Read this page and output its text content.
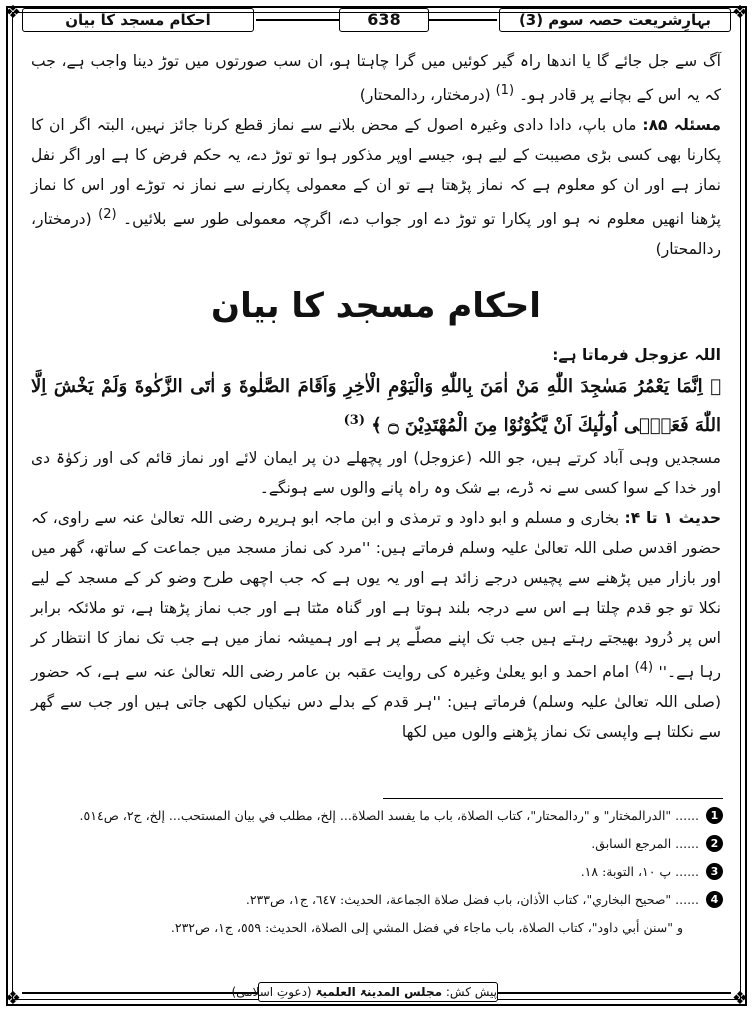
❖	❖
❖	❖
بہارِشریعت حصہ سوم (3)
638
احکام مسجد کا بیان

آگ سے جل جائے گا یا اندھا راہ گیر کوئیں میں گرا چاہتا ہو، ان سب صورتوں میں توڑ دینا واجب ہے، جب کہ یہ اس کے بچانے پر قادر ہو۔ $^{(1)}$ (درمختار، ردالمحتار)

مسئلہ ۸۵: ماں باپ، دادا دادی وغیرہ اصول کے محض بلانے سے نماز قطع کرنا جائز نہیں، البتہ اگر ان کا پکارنا بھی کسی بڑی مصیبت کے لیے ہو، جیسے اوپر مذکور ہوا تو توڑ دے، یہ حکم فرض کا ہے اور اگر نفل نماز ہے اور ان کو معلوم ہے کہ نماز پڑھتا ہے تو ان کے معمولی پکارنے سے نماز نہ توڑے اور اس کا نماز پڑھنا انھیں معلوم نہ ہو اور پکارا تو توڑ دے اور جواب دے، اگرچہ معمولی طور سے بلائیں۔ $^{(2)}$ (درمختار، ردالمحتار)

احکام مسجد کا بیان

اللہ عزوجل فرماتا ہے:

﴿ اِنَّمَا یَعْمُرُ مَسٰجِدَ اللّٰهِ مَنْ اٰمَنَ بِاللّٰهِ وَالْیَوْمِ الْاٰخِرِ وَاَقَامَ الصَّلٰوةَ وَ اٰتَى الزَّكٰوةَ وَلَمْ یَخْشَ اِلَّا اللّٰهَ فَعَسٰۤى اُولٰٓىٕكَ اَنْ یَّكُوْنُوْا مِنَ الْمُهْتَدِیْنَ ۝ ﴾ $^{(3)}$

مسجدیں وہی آباد کرتے ہیں، جو اللہ (عزوجل) اور پچھلے دن پر ایمان لائے اور نماز قائم کی اور زکوٰۃ دی اور خدا کے سوا کسی سے نہ ڈرے، بے شک وہ راہ پانے والوں سے ہونگے۔

حدیث ۱ تا ۴: بخاری و مسلم و ابو داود و ترمذی و ابن ماجہ ابو ہریرہ رضی اللہ تعالیٰ عنہ سے راوی، کہ حضور اقدس صلی اللہ تعالیٰ علیہ وسلم فرماتے ہیں: ''مرد کی نماز مسجد میں جماعت کے ساتھ، گھر میں اور بازار میں پڑھنے سے پچیس درجے زائد ہے اور یہ یوں ہے کہ جب اچھی طرح وضو کر کے مسجد کے لیے نکلا تو جو قدم چلتا ہے اس سے درجہ بلند ہوتا ہے اور گناہ مٹتا ہے اور جب نماز پڑھتا ہے، تو ملائکہ برابر اس پر دُرود بھیجتے رہتے ہیں جب تک اپنے مصلّے پر ہے اور ہمیشہ نماز میں ہے جب تک نماز کا انتظار کر رہا ہے۔'' $^{(4)}$ امام احمد و ابو یعلیٰ وغیرہ کی روایت عقبہ بن عامر رضی اللہ تعالیٰ عنہ سے ہے، کہ حضور (صلی اللہ تعالیٰ علیہ وسلم) فرماتے ہیں: ''ہر قدم کے بدلے دس نیکیاں لکھی جاتی ہیں اور جب سے گھر سے نکلتا ہے واپسی تک نماز پڑھنے والوں میں لکھا

1
...... "الدرالمختار" و "ردالمحتار"، كتاب الصلاة، باب ما يفسد الصلاة... إلخ، مطلب في بيان المستحب... إلخ، ج٢، ص٥١٤.

2
...... المرجع السابق.

3
...... پ ١٠، التوبة: ١٨.

4
...... "صحيح البخاري"، كتاب الأذان، باب فضل صلاة الجماعة، الحديث: ٦٤٧، ج١، ص٢٣٣.

و "سنن أبي داود"، كتاب الصلاة، باب ماجاء في فضل المشي إلى الصلاة، الحديث: ٥٥٩، ج١، ص٢٣٢.

پیش کش: مجلس المدینۃ العلمیۃ (دعوتِ اسلامی)
